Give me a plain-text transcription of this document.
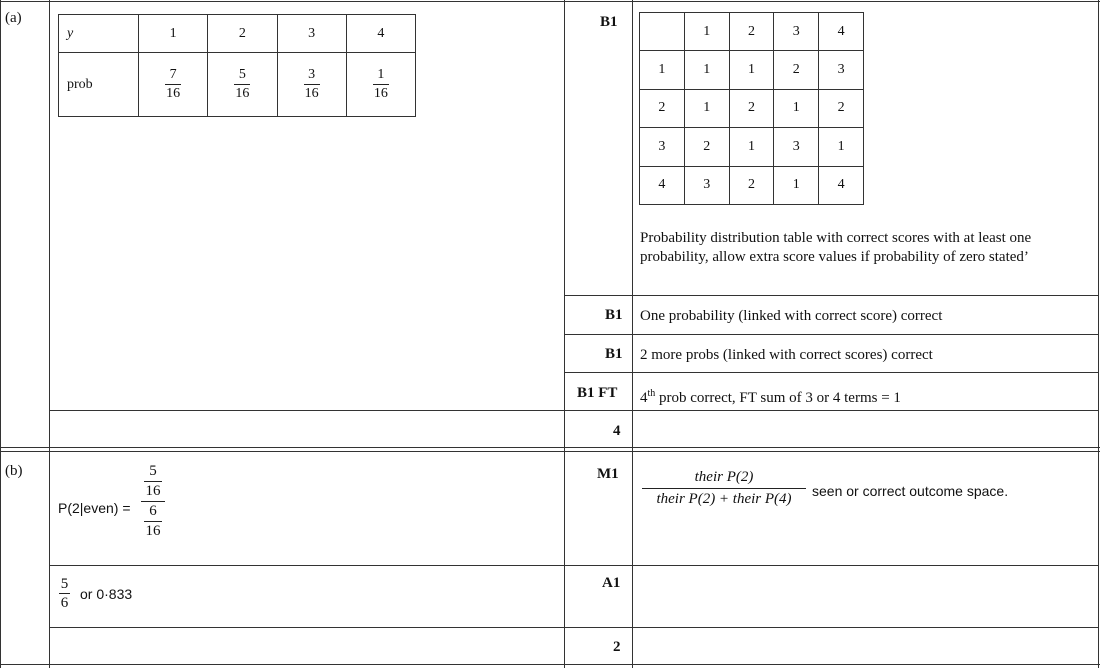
(a)
y	1	2	3	4
prob	$\frac{7}{16}$	$\frac{5}{16}$	$\frac{3}{16}$	$\frac{1}{16}$
B1
	1	2	3	4
1	1	1	2	3
2	1	2	1	2
3	2	1	3	1
4	3	2	1	4
Probability distribution table with correct scores with at least one probability, allow extra score values if probability of zero stated’
B1 One probability (linked with correct score) correct
B1 2 more probs (linked with correct scores) correct
B1 FT 4th prob correct, FT sum of 3 or 4 terms = 1
4
(b)
P(2|even) =
5
16
6
16
M1	their P(2)
their P(2) + their P(4) seen or correct outcome space.
5
6
or 0·833
A1
2
